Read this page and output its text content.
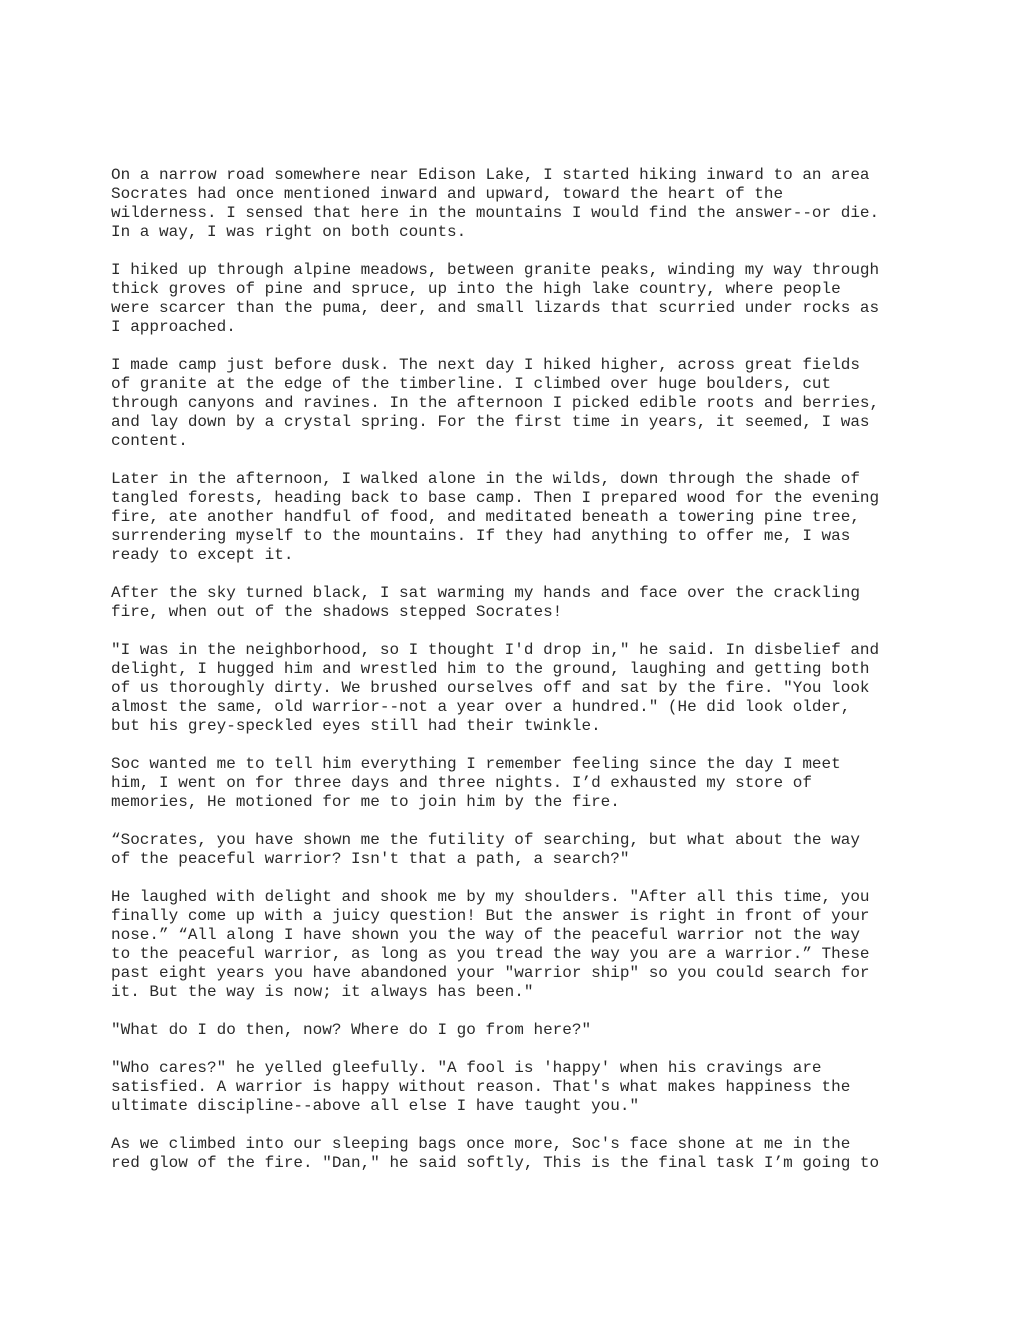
On a narrow road somewhere near Edison Lake, I started hiking inward to an area
Socrates had once mentioned inward and upward, toward the heart of the
wilderness. I sensed that here in the mountains I would find the answer--or die.
In a way, I was right on both counts.
I hiked up through alpine meadows, between granite peaks, winding my way through
thick groves of pine and spruce, up into the high lake country, where people
were scarcer than the puma, deer, and small lizards that scurried under rocks as
I approached.
I made camp just before dusk. The next day I hiked higher, across great fields
of granite at the edge of the timberline. I climbed over huge boulders, cut
through canyons and ravines. In the afternoon I picked edible roots and berries,
and lay down by a crystal spring. For the first time in years, it seemed, I was
content.
Later in the afternoon, I walked alone in the wilds, down through the shade of
tangled forests, heading back to base camp. Then I prepared wood for the evening
fire, ate another handful of food, and meditated beneath a towering pine tree,
surrendering myself to the mountains. If they had anything to offer me, I was
ready to except it.
After the sky turned black, I sat warming my hands and face over the crackling
fire, when out of the shadows stepped Socrates!
"I was in the neighborhood, so I thought I'd drop in," he said. In disbelief and
delight, I hugged him and wrestled him to the ground, laughing and getting both
of us thoroughly dirty. We brushed ourselves off and sat by the fire. "You look
almost the same, old warrior--not a year over a hundred." (He did look older,
but his grey-speckled eyes still had their twinkle.
Soc wanted me to tell him everything I remember feeling since the day I meet
him, I went on for three days and three nights. I’d exhausted my store of
memories, He motioned for me to join him by the fire.
“Socrates, you have shown me the futility of searching, but what about the way
of the peaceful warrior? Isn't that a path, a search?"
He laughed with delight and shook me by my shoulders. "After all this time, you
finally come up with a juicy question! But the answer is right in front of your
nose.” “All along I have shown you the way of the peaceful warrior not the way
to the peaceful warrior, as long as you tread the way you are a warrior.” These
past eight years you have abandoned your "warrior ship" so you could search for
it. But the way is now; it always has been."
"What do I do then, now? Where do I go from here?"
"Who cares?" he yelled gleefully. "A fool is 'happy' when his cravings are
satisfied. A warrior is happy without reason. That's what makes happiness the
ultimate discipline--above all else I have taught you."
As we climbed into our sleeping bags once more, Soc's face shone at me in the
red glow of the fire. "Dan," he said softly, This is the final task I’m going to
